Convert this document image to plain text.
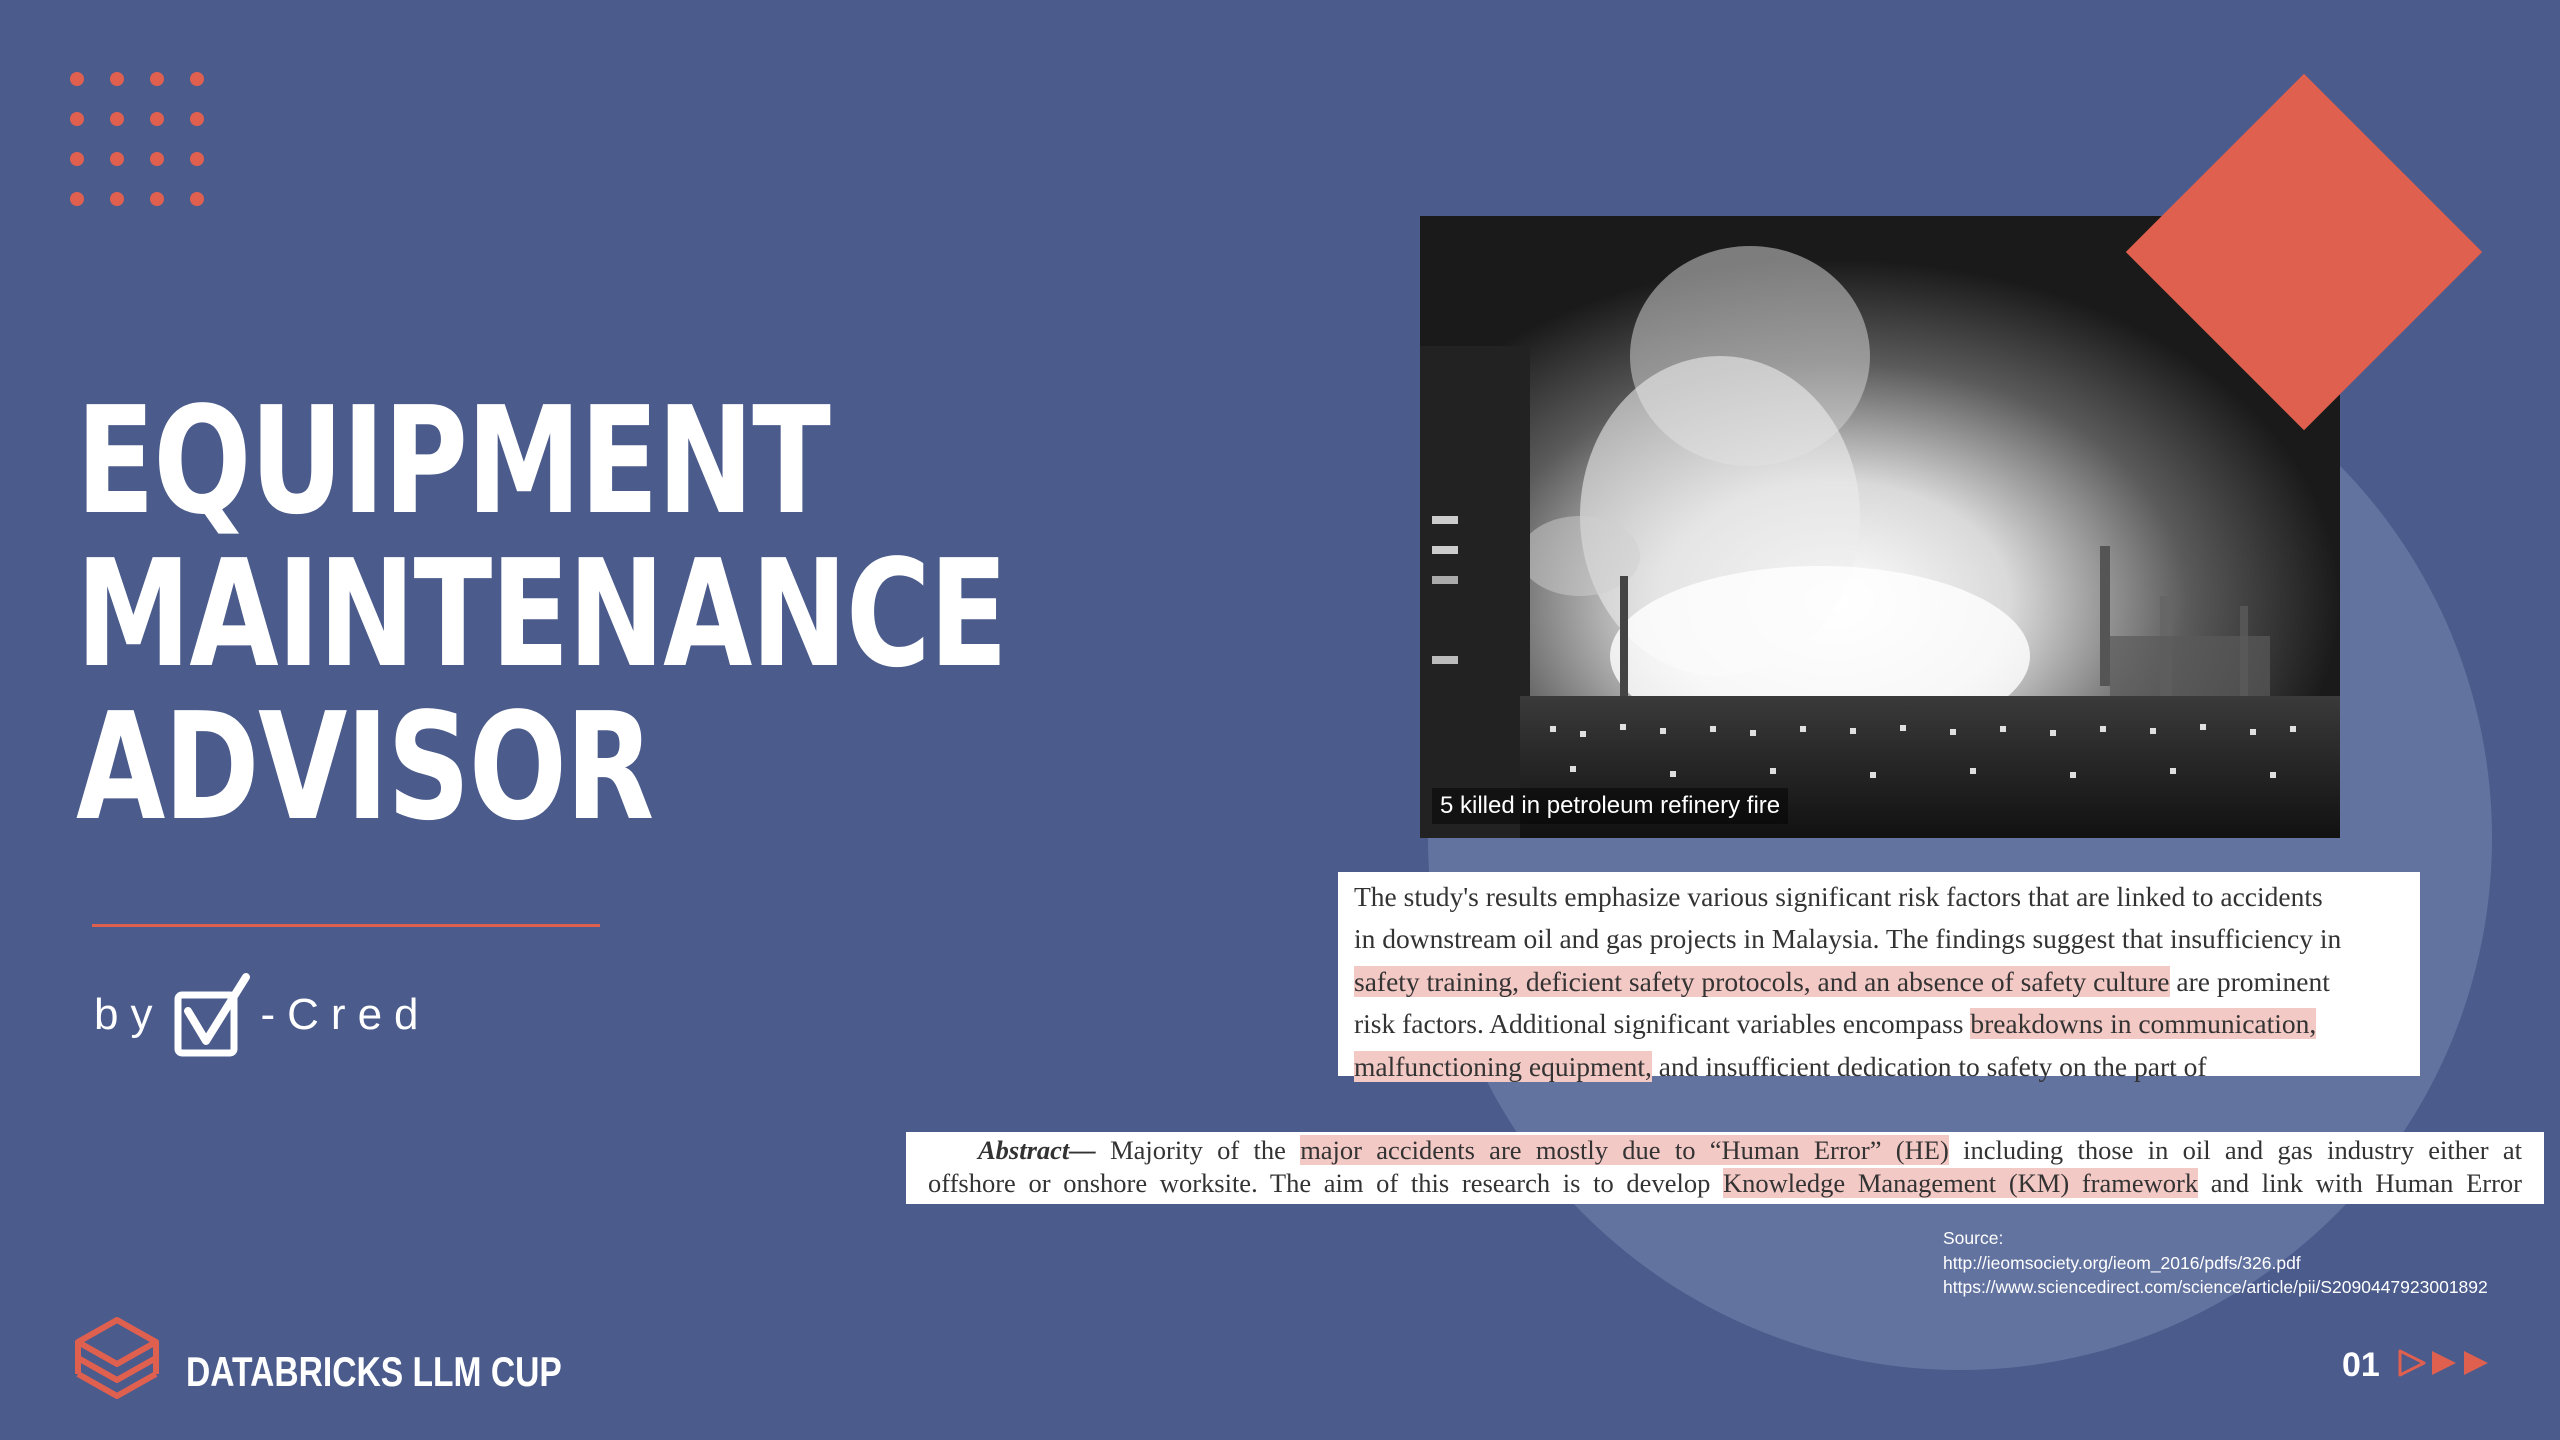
EQUIPMENT
MAINTENANCE
ADVISOR
by -Cred
5 killed in petroleum refinery fire
The study's results emphasize various significant risk factors that are linked to accidents
in downstream oil and gas projects in Malaysia. The findings suggest that insufficiency in
safety training, deficient safety protocols, and an absence of safety culture are prominent
risk factors. Additional significant variables encompass breakdowns in communication,
malfunctioning equipment, and insufficient dedication to safety on the part of
Abstract— Majority of the major accidents are mostly due to “Human Error” (HE) including those in oil and gas industry either at
offshore or onshore worksite. The aim of this research is to develop Knowledge Management (KM) framework and link with Human Error
Source:
http://ieomsociety.org/ieom_2016/pdfs/326.pdf
https://www.sciencedirect.com/science/article/pii/S2090447923001892
DATABRICKS LLM CUP	01
